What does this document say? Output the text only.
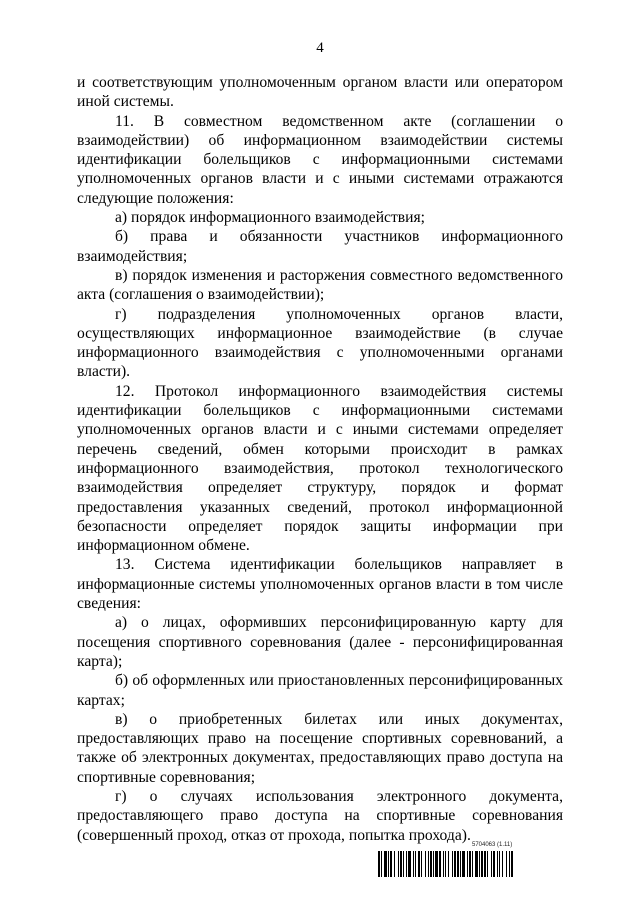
4

и соответствующим уполномоченным органом власти или оператором иной системы.

11. В совместном ведомственном акте (соглашении о взаимодействии) об информационном взаимодействии системы идентификации болельщиков с информационными системами уполномоченных органов власти и с иными системами отражаются следующие положения:

а) порядок информационного взаимодействия;

б) права и обязанности участников информационного взаимодействия;

в) порядок изменения и расторжения совместного ведомственного акта (соглашения о взаимодействии);

г) подразделения уполномоченных органов власти, осуществляющих информационное взаимодействие (в случае информационного взаимодействия с уполномоченными органами власти).

12. Протокол информационного взаимодействия системы идентификации болельщиков с информационными системами уполномоченных органов власти и с иными системами определяет перечень сведений, обмен которыми происходит в рамках информационного взаимодействия, протокол технологического взаимодействия определяет структуру, порядок и формат предоставления указанных сведений, протокол информационной безопасности определяет порядок защиты информации при информационном обмене.

13. Система идентификации болельщиков направляет в информационные системы уполномоченных органов власти в том числе сведения:

а) о лицах, оформивших персонифицированную карту для посещения спортивного соревнования (далее - персонифицированная карта);

б) об оформленных или приостановленных персонифицированных картах;

в) о приобретенных билетах или иных документах, предоставляющих право на посещение спортивных соревнований, а также об электронных документах, предоставляющих право доступа на спортивные соревнования;

г) о случаях использования электронного документа, предоставляющего право доступа на спортивные соревнования (совершенный проход, отказ от прохода, попытка прохода).

5704063 (1.11)
